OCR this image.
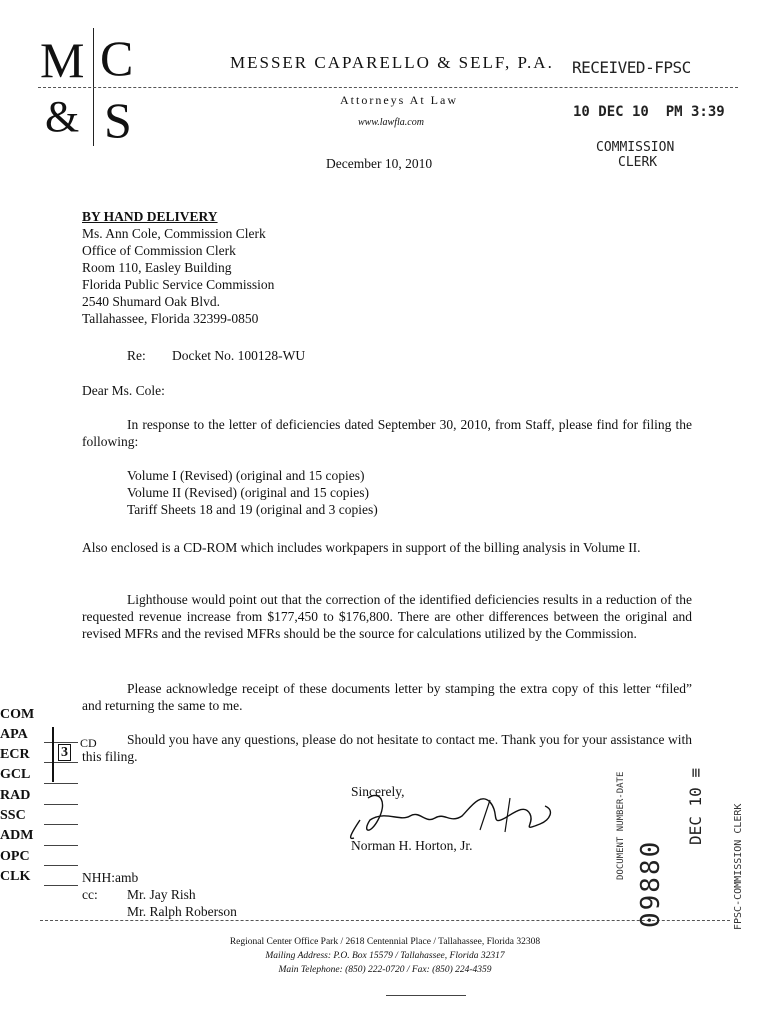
M C
& S
MESSER CAPARELLO & SELF, P.A.
Attorneys At Law
www.lawfla.com
RECEIVED-FPSC
10 DEC 10  PM 3:39
COMMISSION
CLERK
December 10, 2010
BY HAND DELIVERY
Ms. Ann Cole, Commission Clerk
Office of Commission Clerk
Room 110, Easley Building
Florida Public Service Commission
2540 Shumard Oak Blvd.
Tallahassee, Florida 32399-0850
Re: Docket No. 100128-WU
Dear Ms. Cole:
In response to the letter of deficiencies dated September 30, 2010, from Staff, please find for filing the following:
Volume I (Revised) (original and 15 copies)
Volume II (Revised) (original and 15 copies)
Tariff Sheets 18 and 19 (original and 3 copies)
Also enclosed is a CD-ROM which includes workpapers in support of the billing analysis in Volume II.
Lighthouse would point out that the correction of the identified deficiencies results in a reduction of the requested revenue increase from $177,450 to $176,800. There are other differences between the original and revised MFRs and the revised MFRs should be the source for calculations utilized by the Commission.
Please acknowledge receipt of these documents letter by stamping the extra copy of this letter “filed” and returning the same to me.
Should you have any questions, please do not hesitate to contact me. Thank you for your assistance with this filing.
Sincerely,
Norman H. Horton, Jr.
NHH:amb
cc: Mr. Jay Rish
Mr. Ralph Roberson
COM
APA
ECR
GCL
RAD
SSC
ADM
OPC
CLK
3
CD
Regional Center Office Park / 2618 Centennial Place / Tallahassee, Florida 32308
Mailing Address: P.O. Box 15579 / Tallahassee, Florida 32317
Main Telephone: (850) 222-0720 / Fax: (850) 224-4359
DOCUMENT NUMBER-DATE
09880
DEC 10 ≡	FPSC-COMMISSION CLERK
